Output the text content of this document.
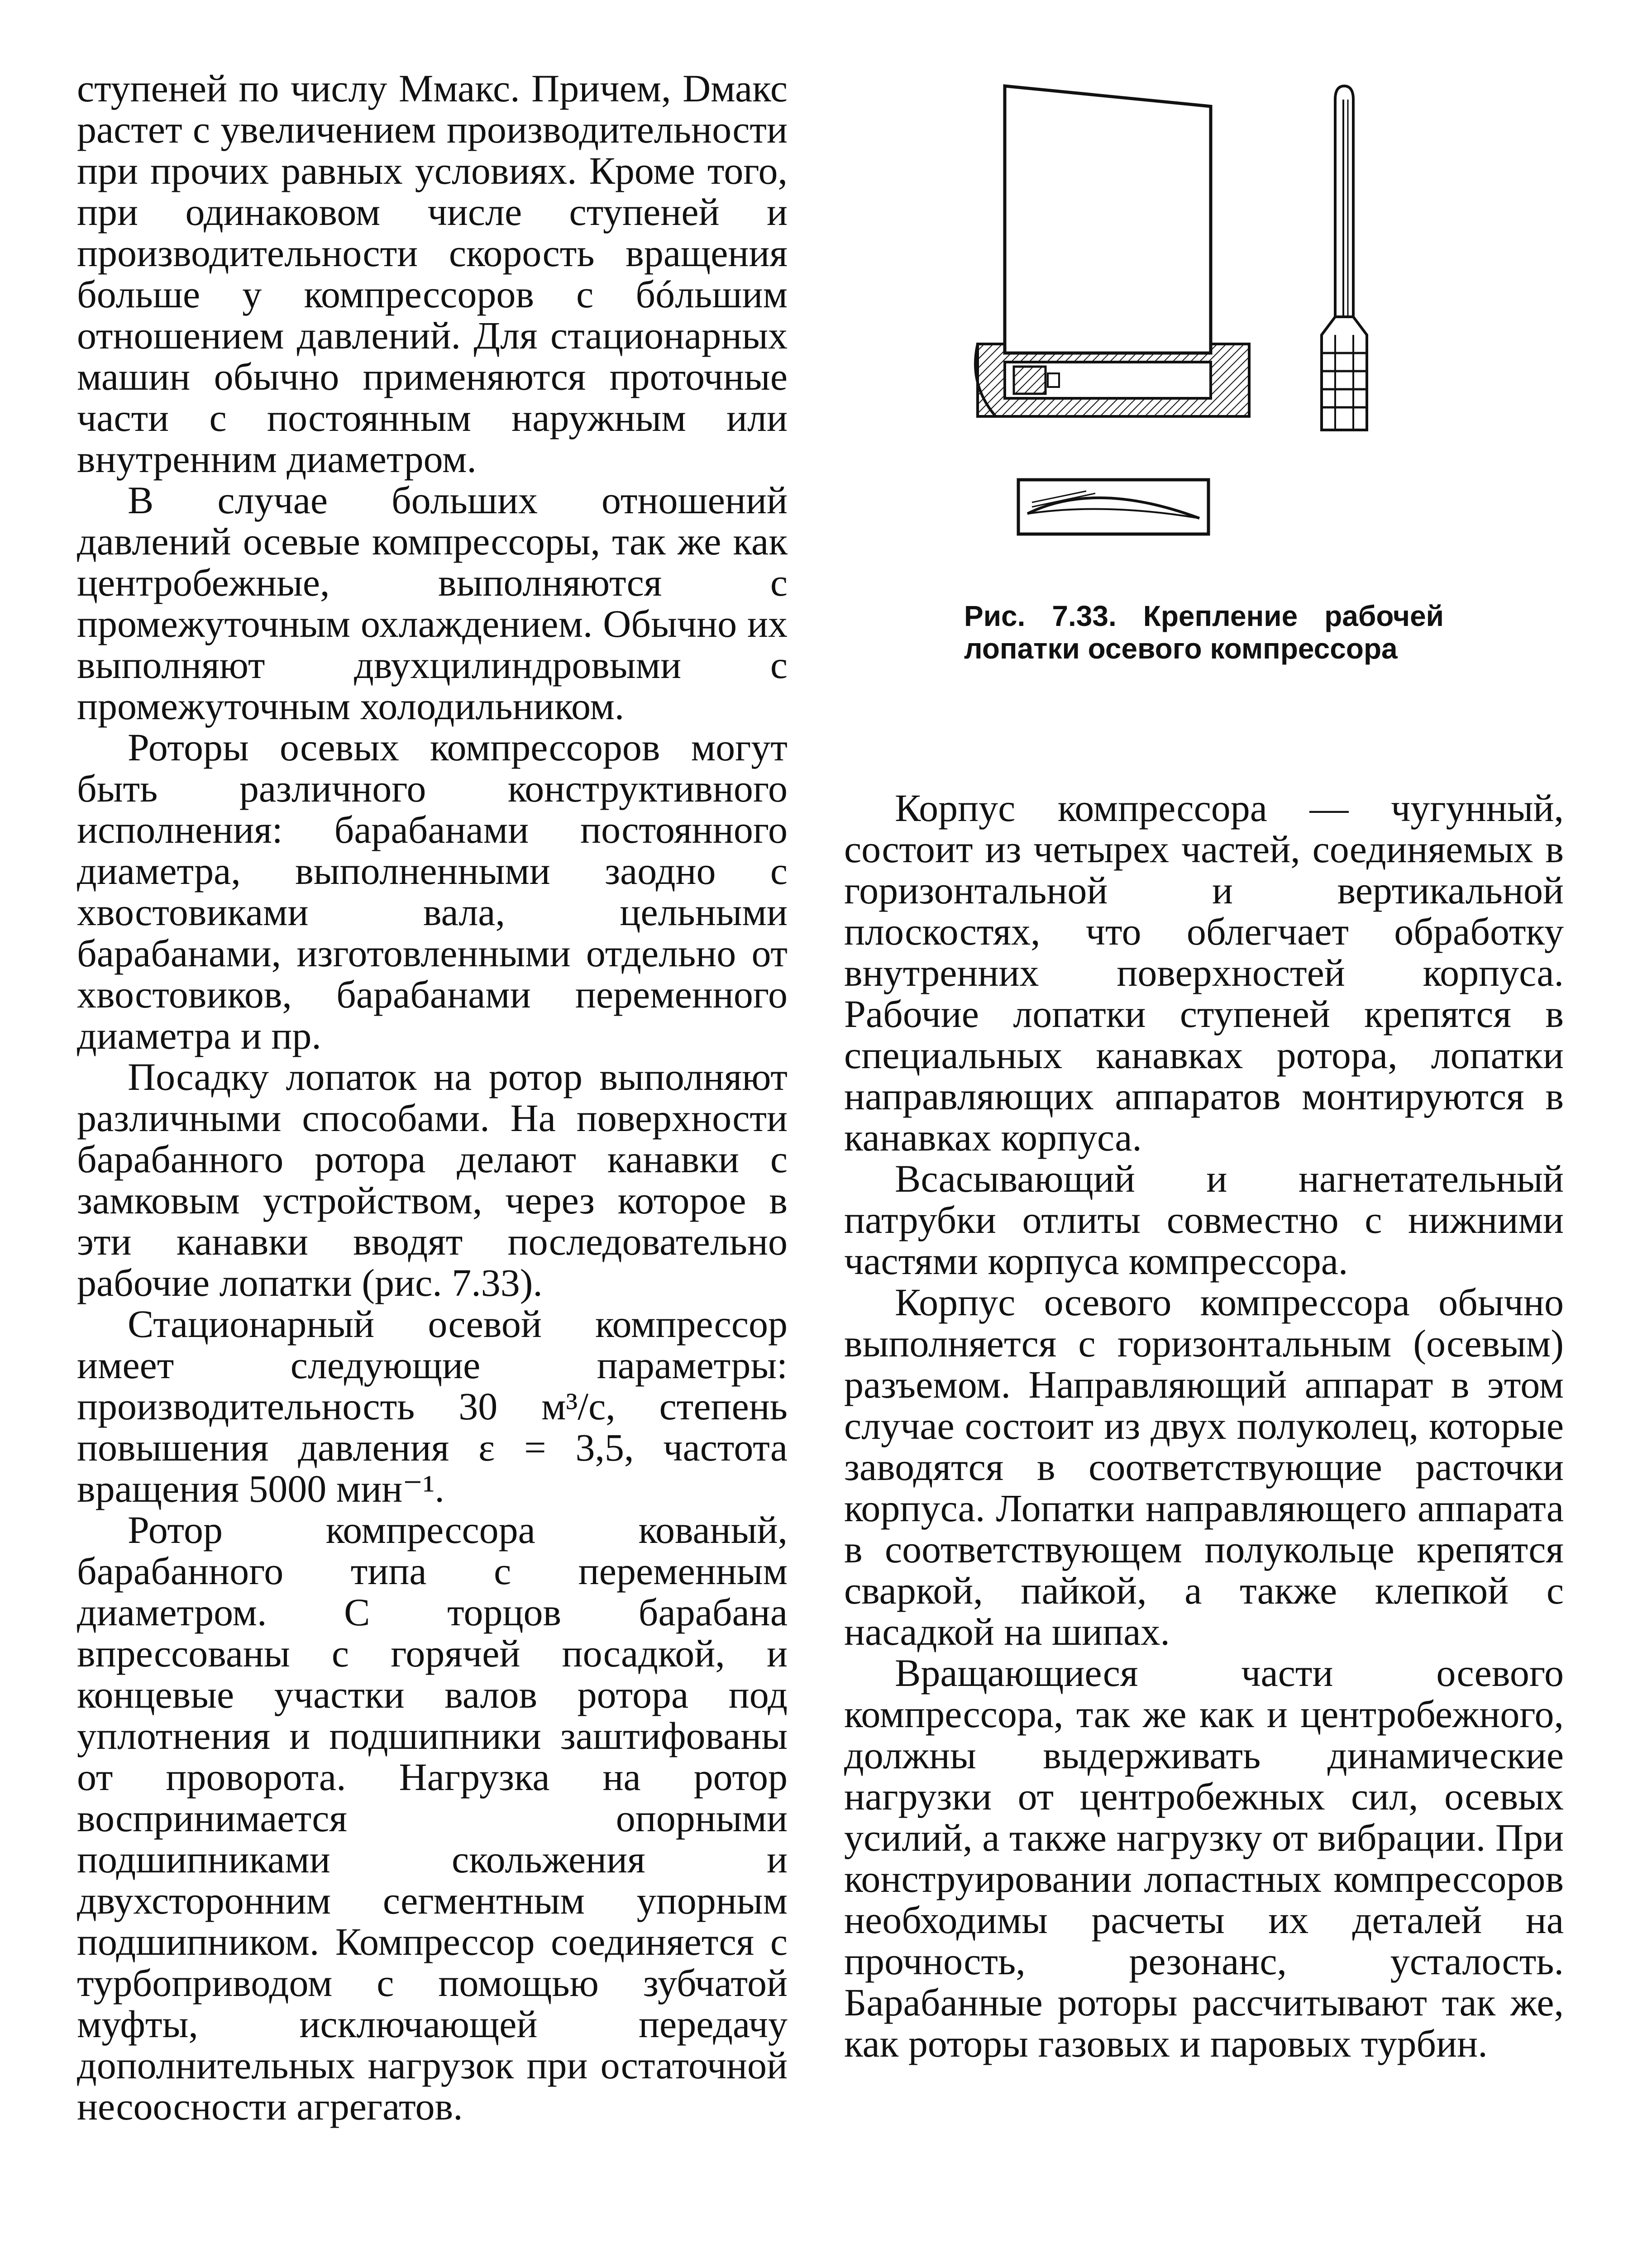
ступеней по числу Mмакс. Причем, Dмакс растет с увеличением производительности при прочих равных условиях. Кроме того, при одинаковом числе ступеней и производительности скорость вращения больше у компрессоров с бóльшим отношением давлений. Для стационарных машин обычно применяются проточные части с постоянным наружным или внутренним диаметром.

В случае больших отношений давлений осевые компрессоры, так же как центробежные, выполняются с промежуточным охлаждением. Обычно их выполняют двухцилиндровыми с промежуточным холодильником.

Роторы осевых компрессоров могут быть различного конструктивного исполнения: барабанами постоянного диаметра, выполненными заодно с хвостовиками вала, цельными барабанами, изготовленными отдельно от хвостовиков, барабанами переменного диаметра и пр.

Посадку лопаток на ротор выполняют различными способами. На поверхности барабанного ротора делают канавки с замковым устройством, через которое в эти канавки вводят последовательно рабочие лопатки (рис. 7.33).

Стационарный осевой компрессор имеет следующие параметры: производительность 30 м³/с, степень повышения давления ε = 3,5, частота вращения 5000 мин⁻¹.

Ротор компрессора кованый, барабанного типа с переменным диаметром. С торцов барабана впрессованы с горячей посадкой, и концевые участки валов ротора под уплотнения и подшипники заштифованы от проворота. Нагрузка на ротор воспринимается опорными подшипниками скольжения и двухсторонним сегментным упорным подшипником. Компрессор соединяется с турбоприводом с помощью зубчатой муфты, исключающей передачу дополнительных нагрузок при остаточной несоосности агрегатов.

Рис. 7.33. Крепление рабочей лопатки осевого компрессора

Корпус компрессора — чугунный, состоит из четырех частей, соединяемых в горизонтальной и вертикальной плоскостях, что облегчает обработку внутренних поверхностей корпуса. Рабочие лопатки ступеней крепятся в специальных канавках ротора, лопатки направляющих аппаратов монтируются в канавках корпуса.

Всасывающий и нагнетательный патрубки отлиты совместно с нижними частями корпуса компрессора.

Корпус осевого компрессора обычно выполняется с горизонтальным (осевым) разъемом. Направляющий аппарат в этом случае состоит из двух полуколец, которые заводятся в соответствующие расточки корпуса. Лопатки направляющего аппарата в соответствующем полукольце крепятся сваркой, пайкой, а также клепкой с насадкой на шипах.

Вращающиеся части осевого компрессора, так же как и центробежного, должны выдерживать динамические нагрузки от центробежных сил, осевых усилий, а также нагрузку от вибрации. При конструировании лопастных компрессоров необходимы расчеты их деталей на прочность, резонанс, усталость. Барабанные роторы рассчитывают так же, как роторы газовых и паровых турбин.
